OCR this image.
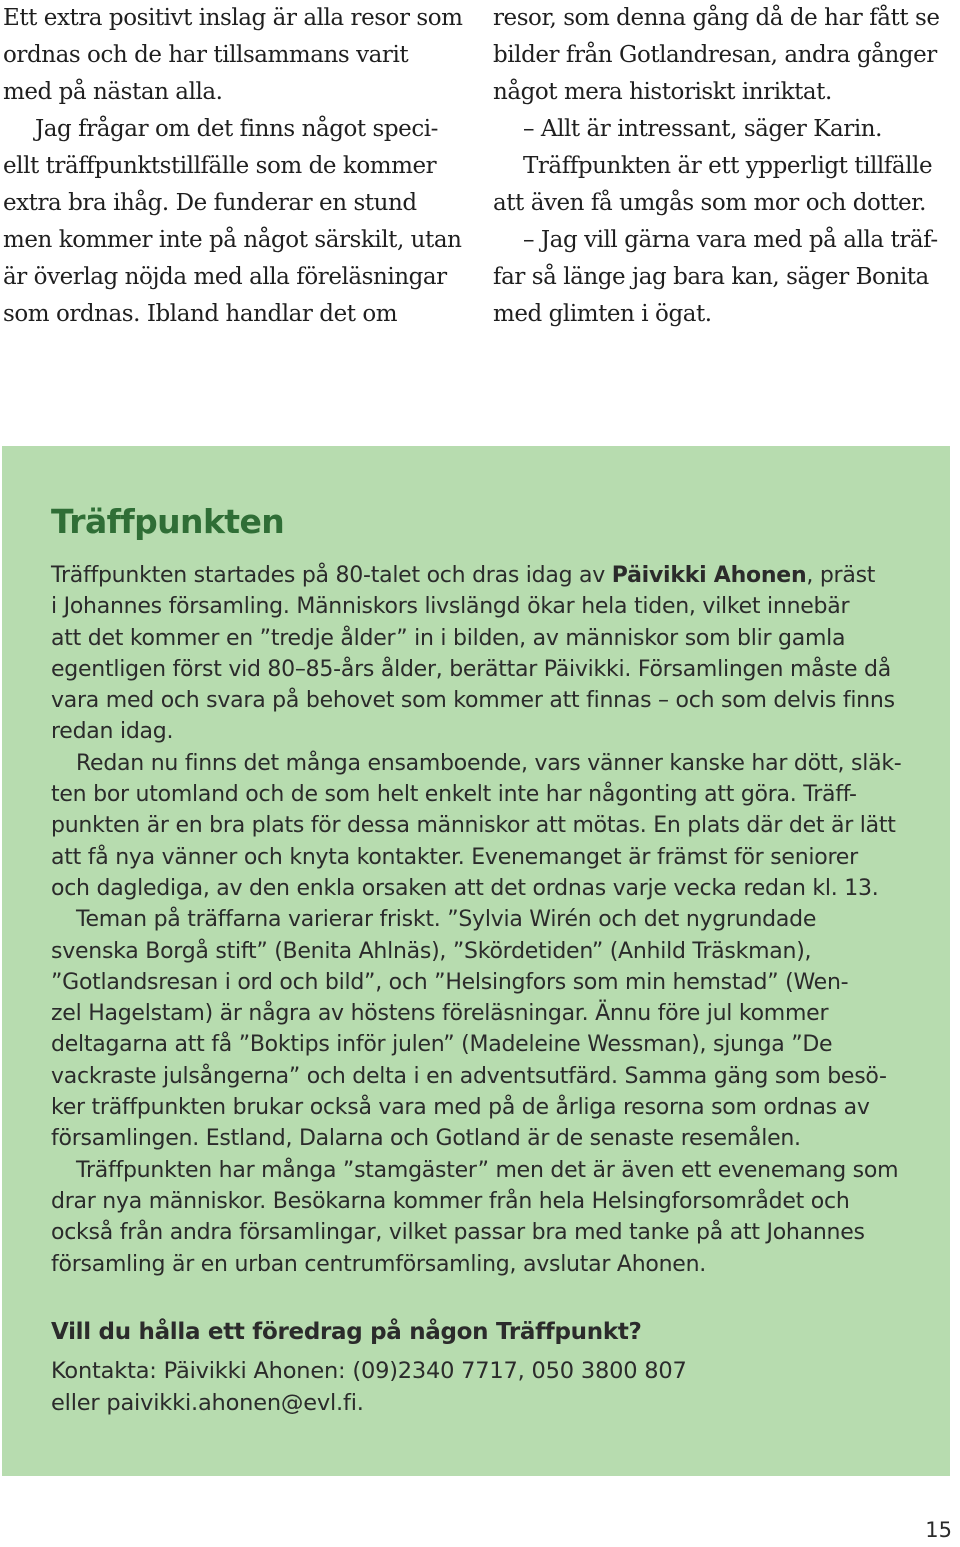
Ett extra positivt inslag är alla resor som
ordnas och de har tillsammans varit
med på nästan alla.

Jag frågar om det finns något speci-
ellt träffpunktstillfälle som de kommer
extra bra ihåg. De funderar en stund
men kommer inte på något särskilt, utan
är överlag nöjda med alla föreläsningar
som ordnas. Ibland handlar det om

resor, som denna gång då de har fått se
bilder från Gotlandresan, andra gånger
något mera historiskt inriktat.

– Allt är intressant, säger Karin.

Träffpunkten är ett ypperligt tillfälle
att även få umgås som mor och dotter.

– Jag vill gärna vara med på alla träf-
far så länge jag bara kan, säger Bonita
med glimten i ögat.

Träffpunkten

Träffpunkten startades på 80-talet och dras idag av Päivikki Ahonen, präst
i Johannes församling. Människors livslängd ökar hela tiden, vilket innebär
att det kommer en ”tredje ålder” in i bilden, av människor som blir gamla
egentligen först vid 80–85-års ålder, berättar Päivikki. Församlingen måste då
vara med och svara på behovet som kommer att finnas – och som delvis finns
redan idag.

Redan nu finns det många ensamboende, vars vänner kanske har dött, släk-
ten bor utomland och de som helt enkelt inte har någonting att göra. Träff-
punkten är en bra plats för dessa människor att mötas. En plats där det är lätt
att få nya vänner och knyta kontakter. Evenemanget är främst för seniorer
och daglediga, av den enkla orsaken att det ordnas varje vecka redan kl. 13.

Teman på träffarna varierar friskt. ”Sylvia Wirén och det nygrundade
svenska Borgå stift” (Benita Ahlnäs), ”Skördetiden” (Anhild Träskman),
”Gotlandsresan i ord och bild”, och ”Helsingfors som min hemstad” (Wen-
zel Hagelstam) är några av höstens föreläsningar. Ännu före jul kommer
deltagarna att få ”Boktips inför julen” (Madeleine Wessman), sjunga ”De
vackraste julsångerna” och delta i en adventsutfärd. Samma gäng som besö-
ker träffpunkten brukar också vara med på de årliga resorna som ordnas av
församlingen. Estland, Dalarna och Gotland är de senaste resemålen.

Träffpunkten har många ”stamgäster” men det är även ett evenemang som
drar nya människor. Besökarna kommer från hela Helsingforsområdet och
också från andra församlingar, vilket passar bra med tanke på att Johannes
församling är en urban centrumförsamling, avslutar Ahonen.

Vill du hålla ett föredrag på någon Träffpunkt?
Kontakta: Päivikki Ahonen: (09)2340 7717, 050 3800 807
eller paivikki.ahonen@evl.fi.
15
